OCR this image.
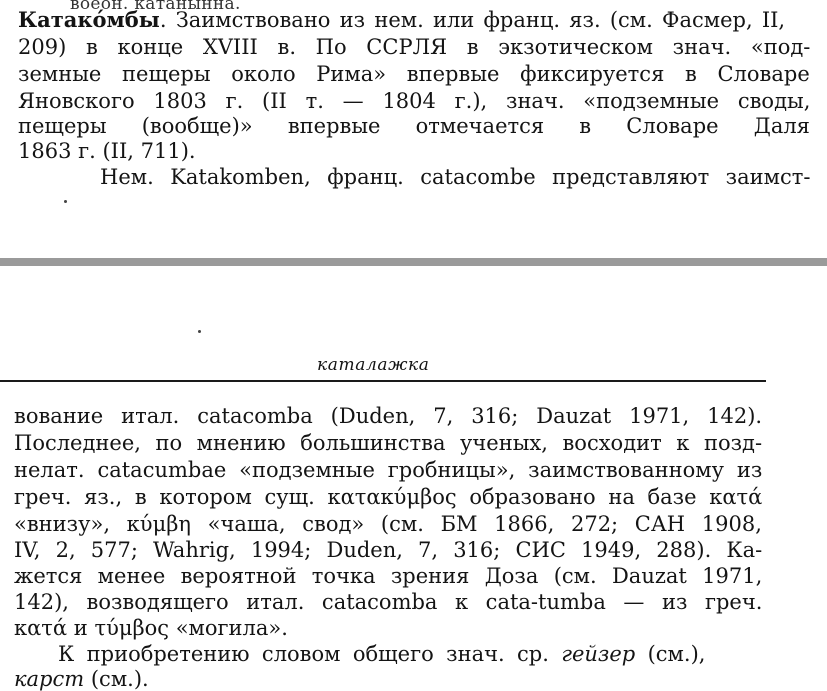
воеон. катанынна.
Катако́мбы. Заимствовано из нем. или франц. яз. (см. Фасмер, II,
209) в конце XVIII в. По ССРЛЯ в экзотическом знач. «под-
земные пещеры около Рима» впервые фиксируется в Словаре
Яновского 1803 г. (II т. — 1804 г.), знач. «подземные своды,
пещеры (вообще)» впервые отмечается в Словаре Даля
1863 г. (II, 711).
Нем. Katakomben, франц. catacombe представляют заимст-
каталажка
вование итал. catacomba (Duden, 7, 316; Dauzat 1971, 142).
Последнее, по мнению большинства ученых, восходит к позд-
нелат. catacumbae «подземные гробницы», заимствованному из
греч. яз., в котором сущ. κατακύμβος образовано на базе κατά
«внизу», κύμβη «чаша, свод» (см. БМ 1866, 272; САН 1908,
IV, 2, 577; Wahrig, 1994; Duden, 7, 316; СИС 1949, 288). Ка-
жется менее вероятной точка зрения Доза (см. Dauzat 1971,
142), возводящего итал. catacomba к cata-tumba — из греч.
κατά и τύμβος «могила».
К приобретению словом общего знач. ср. гейзер (см.),
карст (см.).
